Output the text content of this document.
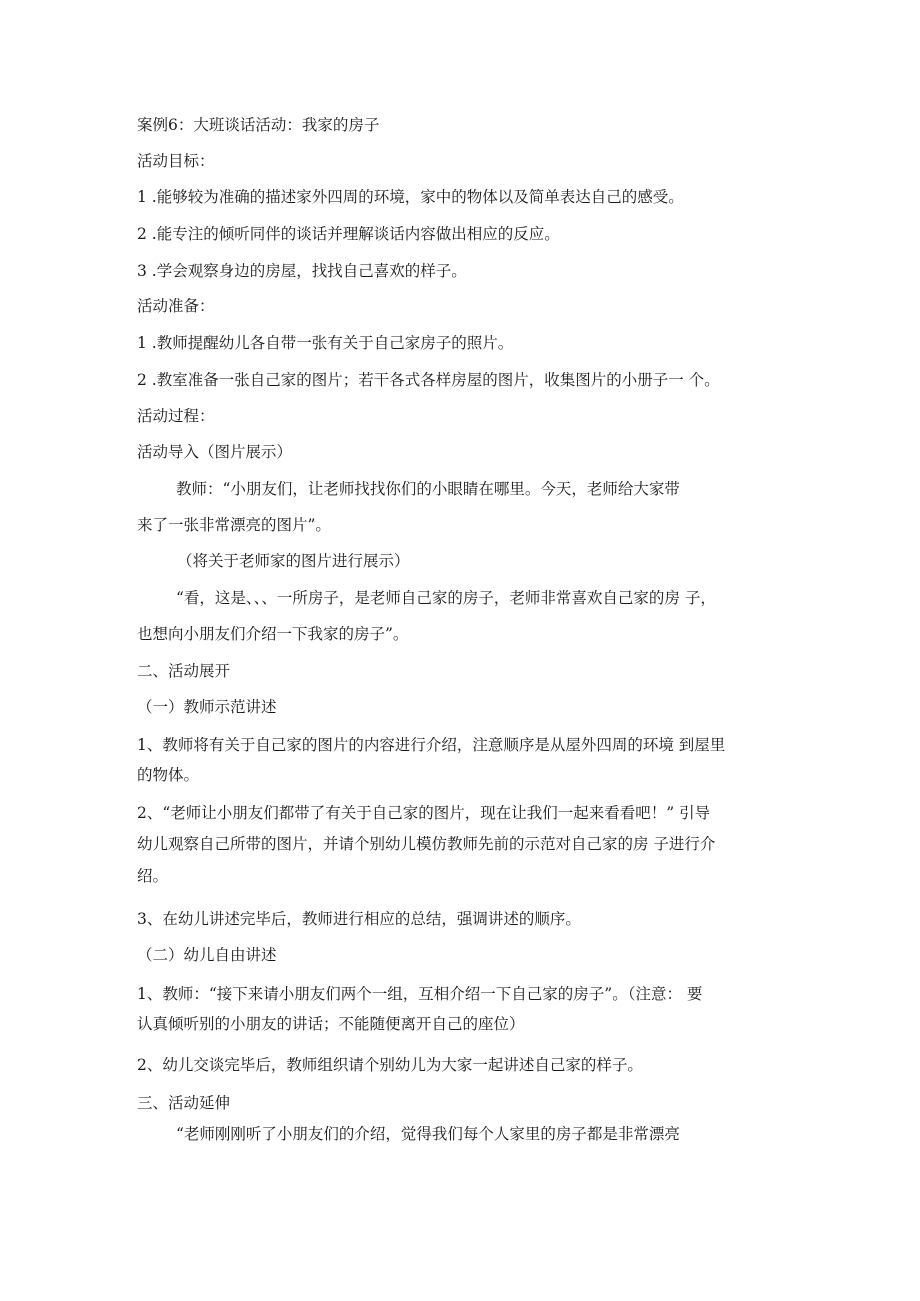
案例6：大班谈话活动：我家的房子
活动目标：
1 .能够较为准确的描述家外四周的环境，家中的物体以及简单表达自己的感受。
2 .能专注的倾听同伴的谈话并理解谈话内容做出相应的反应。
3 .学会观察身边的房屋，找找自己喜欢的样子。
活动准备：
1 .教师提醒幼儿各自带一张有关于自己家房子的照片。
2 .教室准备一张自己家的图片；若干各式各样房屋的图片，收集图片的小册子一 个。
活动过程：
活动导入（图片展示）
教师：“小朋友们，让老师找找你们的小眼睛在哪里。今天，老师给大家带
来了一张非常漂亮的图片”。
（将关于老师家的图片进行展示）
“看，这是、、、一所房子，是老师自己家的房子，老师非常喜欢自己家的房 子，
也想向小朋友们介绍一下我家的房子”。
二、活动展开
（一）教师示范讲述
1、教师将有关于自己家的图片的内容进行介绍，注意顺序是从屋外四周的环境 到屋里
的物体。
2、“老师让小朋友们都带了有关于自己家的图片，现在让我们一起来看看吧！” 引导
幼儿观察自己所带的图片，并请个别幼儿模仿教师先前的示范对自己家的房 子进行介
绍。
3、在幼儿讲述完毕后，教师进行相应的总结，强调讲述的顺序。
（二）幼儿自由讲述
1、教师：“接下来请小朋友们两个一组，互相介绍一下自己家的房子”。（注意： 要
认真倾听别的小朋友的讲话；不能随便离开自己的座位）
2、幼儿交谈完毕后，教师组织请个别幼儿为大家一起讲述自己家的样子。
三、活动延伸
“老师刚刚听了小朋友们的介绍，觉得我们每个人家里的房子都是非常漂亮
